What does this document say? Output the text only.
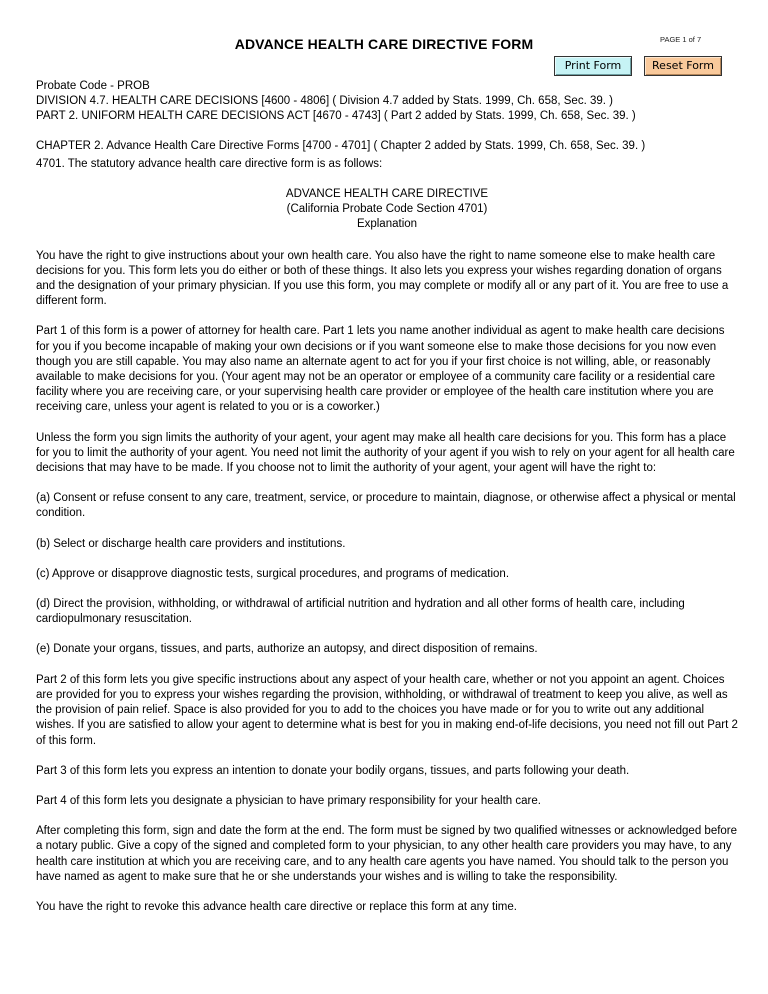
ADVANCE HEALTH CARE DIRECTIVE FORM	PAGE 1 of 7
Print Form	Reset Form

Probate Code - PROB

DIVISION 4.7. HEALTH CARE DECISIONS [4600 - 4806] ( Division 4.7 added by Stats. 1999, Ch. 658, Sec. 39. )

PART 2. UNIFORM HEALTH CARE DECISIONS ACT [4670 - 4743] ( Part 2 added by Stats. 1999, Ch. 658, Sec. 39. )

CHAPTER 2. Advance Health Care Directive Forms [4700 - 4701] ( Chapter 2 added by Stats. 1999, Ch. 658, Sec. 39. )

4701. The statutory advance health care directive form is as follows:

ADVANCE HEALTH CARE DIRECTIVE

(California Probate Code Section 4701)

Explanation

You have the right to give instructions about your own health care. You also have the right to name someone else to make health care decisions for you. This form lets you do either or both of these things. It also lets you express your wishes regarding donation of organs and the designation of your primary physician. If you use this form, you may complete or modify all or any part of it. You are free to use a different form.

Part 1 of this form is a power of attorney for health care. Part 1 lets you name another individual as agent to make health care decisions for you if you become incapable of making your own decisions or if you want someone else to make those decisions for you now even though you are still capable. You may also name an alternate agent to act for you if your first choice is not willing, able, or reasonably available to make decisions for you. (Your agent may not be an operator or employee of a community care facility or a residential care facility where you are receiving care, or your supervising health care provider or employee of the health care institution where you are receiving care, unless your agent is related to you or is a coworker.)

Unless the form you sign limits the authority of your agent, your agent may make all health care decisions for you. This form has a place for you to limit the authority of your agent. You need not limit the authority of your agent if you wish to rely on your agent for all health care decisions that may have to be made. If you choose not to limit the authority of your agent, your agent will have the right to:

(a) Consent or refuse consent to any care, treatment, service, or procedure to maintain, diagnose, or otherwise affect a physical or mental condition.

(b) Select or discharge health care providers and institutions.

(c) Approve or disapprove diagnostic tests, surgical procedures, and programs of medication.

(d) Direct the provision, withholding, or withdrawal of artificial nutrition and hydration and all other forms of health care, including cardiopulmonary resuscitation.

(e) Donate your organs, tissues, and parts, authorize an autopsy, and direct disposition of remains.

Part 2 of this form lets you give specific instructions about any aspect of your health care, whether or not you appoint an agent. Choices are provided for you to express your wishes regarding the provision, withholding, or withdrawal of treatment to keep you alive, as well as the provision of pain relief. Space is also provided for you to add to the choices you have made or for you to write out any additional wishes. If you are satisfied to allow your agent to determine what is best for you in making end-of-life decisions, you need not fill out Part 2 of this form.

Part 3 of this form lets you express an intention to donate your bodily organs, tissues, and parts following your death.

Part 4 of this form lets you designate a physician to have primary responsibility for your health care.

After completing this form, sign and date the form at the end. The form must be signed by two qualified witnesses or acknowledged before a notary public. Give a copy of the signed and completed form to your physician, to any other health care providers you may have, to any health care institution at which you are receiving care, and to any health care agents you have named. You should talk to the person you have named as agent to make sure that he or she understands your wishes and is willing to take the responsibility.

You have the right to revoke this advance health care directive or replace this form at any time.
